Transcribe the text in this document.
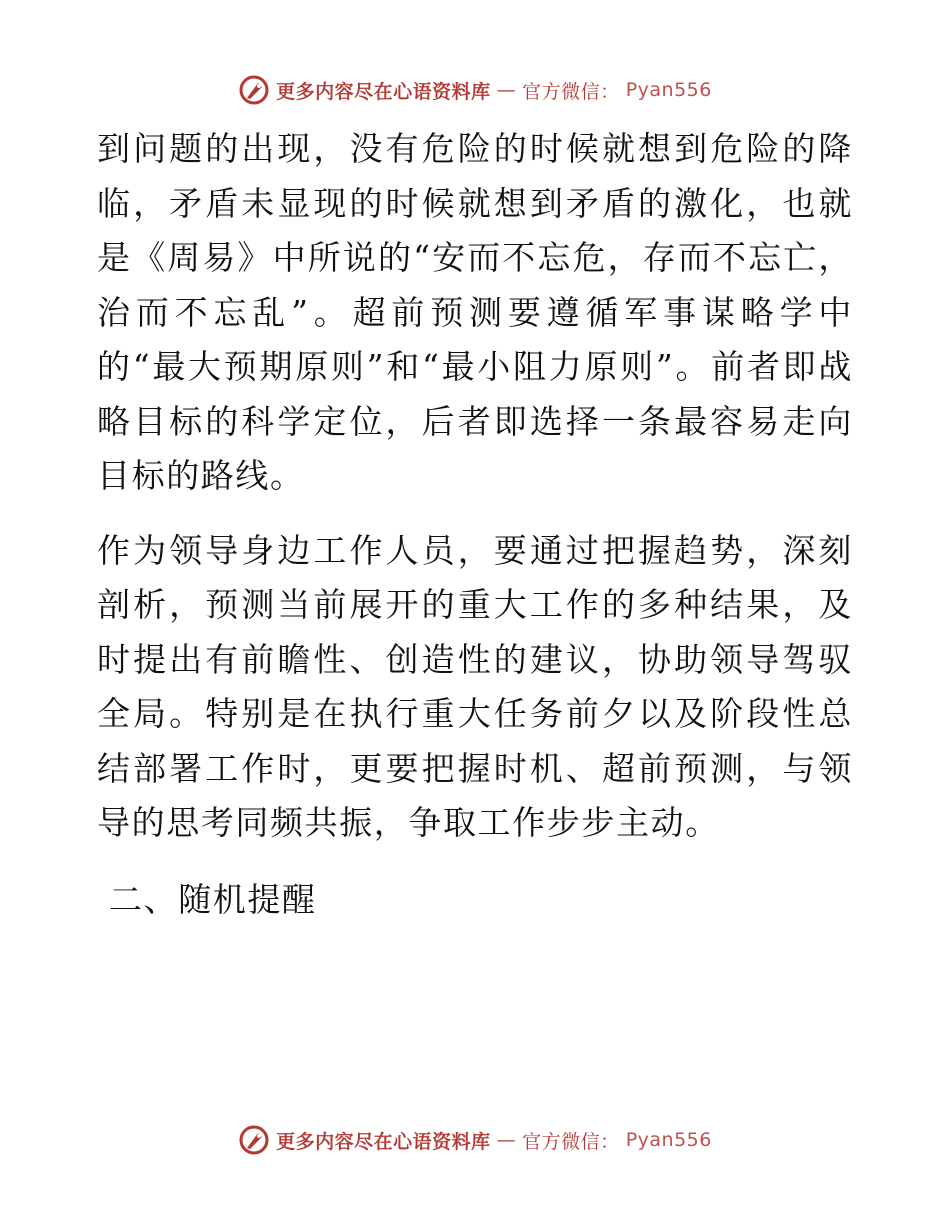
更多内容尽在心语资料库 — 官方微信： Pyan556

到问题的出现，没有危险的时候就想到危险的降临，矛盾未显现的时候就想到矛盾的激化，也就是《周易》中所说的“安而不忘危，存而不忘亡，治而不忘乱”。超前预测要遵循军事谋略学中的“最大预期原则”和“最小阻力原则”。前者即战略目标的科学定位，后者即选择一条最容易走向目标的路线。

作为领导身边工作人员，要通过把握趋势，深刻剖析，预测当前展开的重大工作的多种结果，及时提出有前瞻性、创造性的建议，协助领导驾驭全局。特别是在执行重大任务前夕以及阶段性总结部署工作时，更要把握时机、超前预测，与领导的思考同频共振，争取工作步步主动。

二、随机提醒

更多内容尽在心语资料库 — 官方微信： Pyan556
